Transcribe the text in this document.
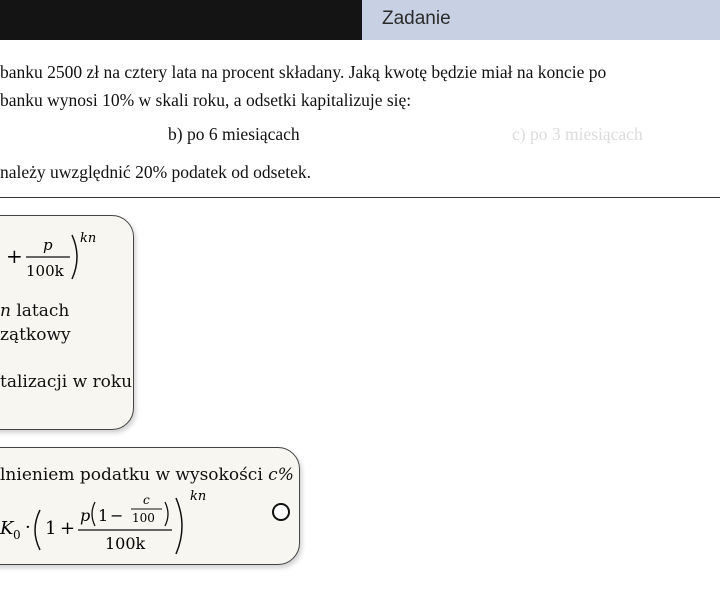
Zadanie
banku 2500 zł na cztery lata na procent składany. Jaką kwotę będzie miał na koncie po
banku wynosi 10% w skali roku, a odsetki kapitalizuje się:
b) po 6 miesiącach	c) po 3 miesiącach
należy uwzględnić 20% podatek od odsetek.
+ p
100k
kn
n latach
zątkowy
talizacji w roku
lnieniem podatku w wysokości c%
K 0 · 1 +
p 1 −
c
100
100k
kn
